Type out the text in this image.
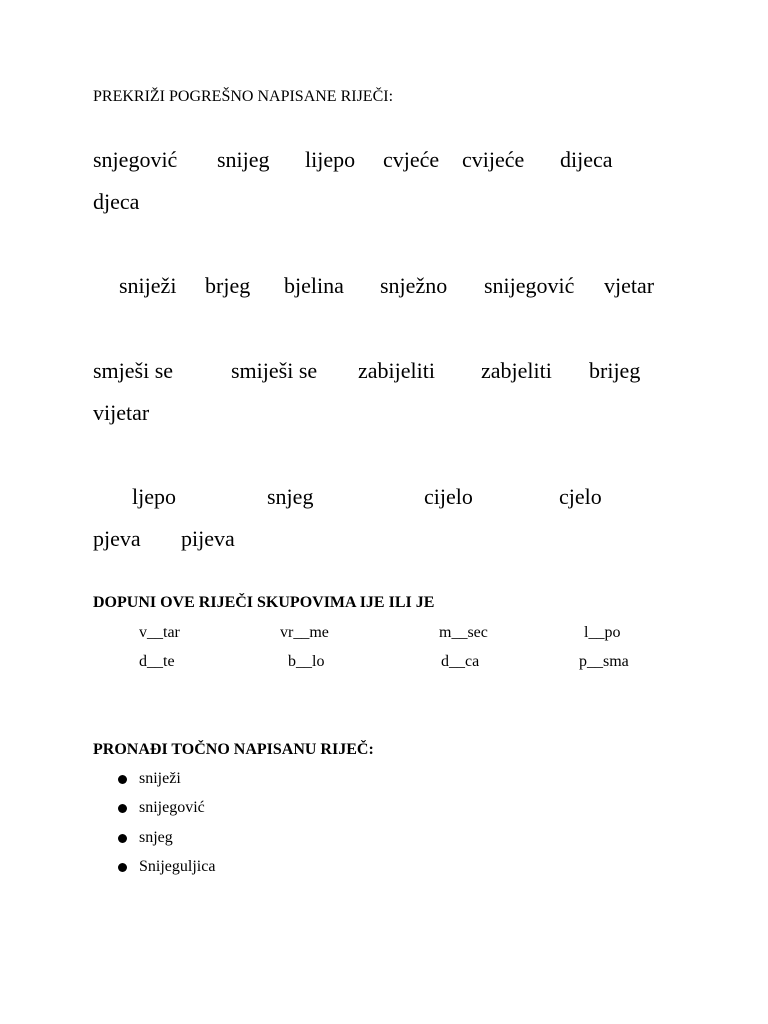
PREKRIŽI POGREŠNO NAPISANE RIJEČI:
snjegović snijeg lijepo cvjeće cvijeće dijeca
djeca
sniježi brjeg bjelina snježno snijegović vjetar
smješi se	smiješi se zabijeliti zabjeliti brijeg
vijetar
ljepo	snjeg	cijelo	cjelo
pjeva pijeva
DOPUNI OVE RIJEČI SKUPOVIMA IJE ILI JE
v__tar	vr__me	m__sec	l__po
d__te	b__lo	d__ca	p__sma
PRONAĐI TOČNO NAPISANU RIJEČ:
sniježi
snijegović
snjeg
Snijeguljica
